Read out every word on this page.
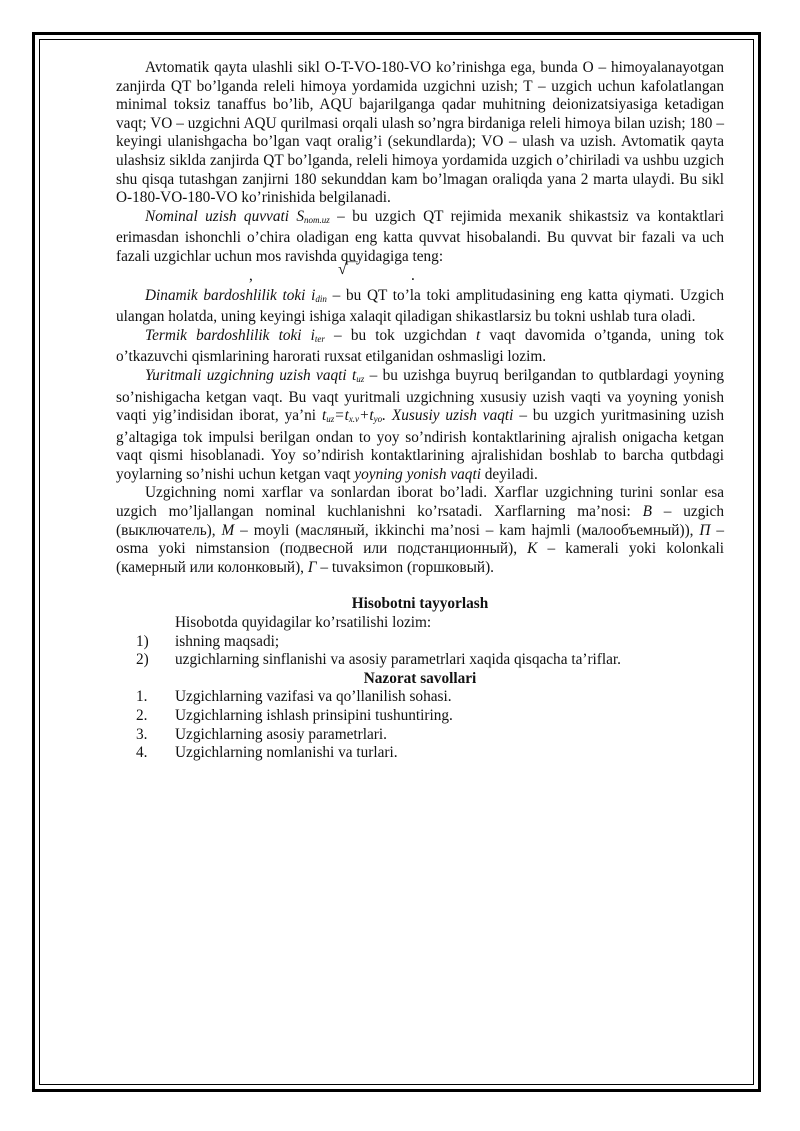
Avtomatik qayta ulashli sikl O-T-VO-180-VO ko’rinishga ega, bunda O – himoyalanayotgan zanjirda QT bo’lganda releli himoya yordamida uzgichni uzish; T – uzgich uchun kafolatlangan minimal toksiz tanaffus bo’lib, AQU bajarilganga qadar muhitning deionizatsiyasiga ketadigan vaqt; VO – uzgichni AQU qurilmasi orqali ulash so’ngra birdaniga releli himoya bilan uzish; 180 – keyingi ulanishgacha bo’lgan vaqt oralig’i (sekundlarda); VO – ulash va uzish. Avtomatik qayta ulashsiz siklda zanjirda QT bo’lganda, releli himoya yordamida uzgich o’chiriladi va ushbu uzgich shu qisqa tutashgan zanjirni 180 sekunddan kam bo’lmagan oraliqda yana 2 marta ulaydi. Bu sikl O-180-VO-180-VO ko’rinishida belgilanadi.

Nominal uzish quvvati $S_{nom.uz}$ – bu uzgich QT rejimida mexanik shikastsiz va kontaktlari erimasdan ishonchli o’chira oladigan eng katta quvvat hisobalandi. Bu quvvat bir fazali va uch fazali uzgichlar uchun mos ravishda quyidagiga teng:

,	√‾‾	.

Dinamik bardoshlilik toki $i_{din}$ – bu QT to’la toki amplitudasining eng katta qiymati. Uzgich ulangan holatda, uning keyingi ishiga xalaqit qiladigan shikastlarsiz bu tokni ushlab tura oladi.

Termik bardoshlilik toki $i_{ter}$ – bu tok uzgichdan t vaqt davomida o’tganda, uning tok o’tkazuvchi qismlarining harorati ruxsat etilganidan oshmasligi lozim.

Yuritmali uzgichning uzish vaqti $t_{uz}$ – bu uzishga buyruq berilgandan to qutblardagi yoyning so’nishigacha ketgan vaqt. Bu vaqt yuritmali uzgichning xususiy uzish vaqti va yoyning yonish vaqti yig’indisidan iborat, ya’ni $t_{uz}=t_{x.v}+t_{yo}$. Xususiy uzish vaqti – bu uzgich yuritmasining uzish g’altagiga tok impulsi berilgan ondan to yoy so’ndirish kontaktlarining ajralish onigacha ketgan vaqt qismi hisoblanadi. Yoy so’ndirish kontaktlarining ajralishidan boshlab to barcha qutbdagi yoylarning so’nishi uchun ketgan vaqt yoyning yonish vaqti deyiladi.

Uzgichning nomi xarflar va sonlardan iborat bo’ladi. Xarflar uzgichning turini sonlar esa uzgich mo’ljallangan nominal kuchlanishni ko’rsatadi. Xarflarning ma’nosi: B – uzgich (выключатель), M – moyli (масляный, ikkinchi ma’nosi – kam hajmli (малообъемный)), П – osma yoki nimstansion (подвесной или подстанционный), K – kamerali yoki kolonkali (камерный или колонковый), Г – tuvaksimon (горшковый).

Hisobotni tayyorlash
Hisobotda quyidagilar ko’rsatilishi lozim:
1) ishning maqsadi;
2) uzgichlarning sinflanishi va asosiy parametrlari xaqida qisqacha ta’riflar.
Nazorat savollari
1. Uzgichlarning vazifasi va qo’llanilish sohasi.
2. Uzgichlarning ishlash prinsipini tushuntiring.
3. Uzgichlarning asosiy parametrlari.
4. Uzgichlarning nomlanishi va turlari.
